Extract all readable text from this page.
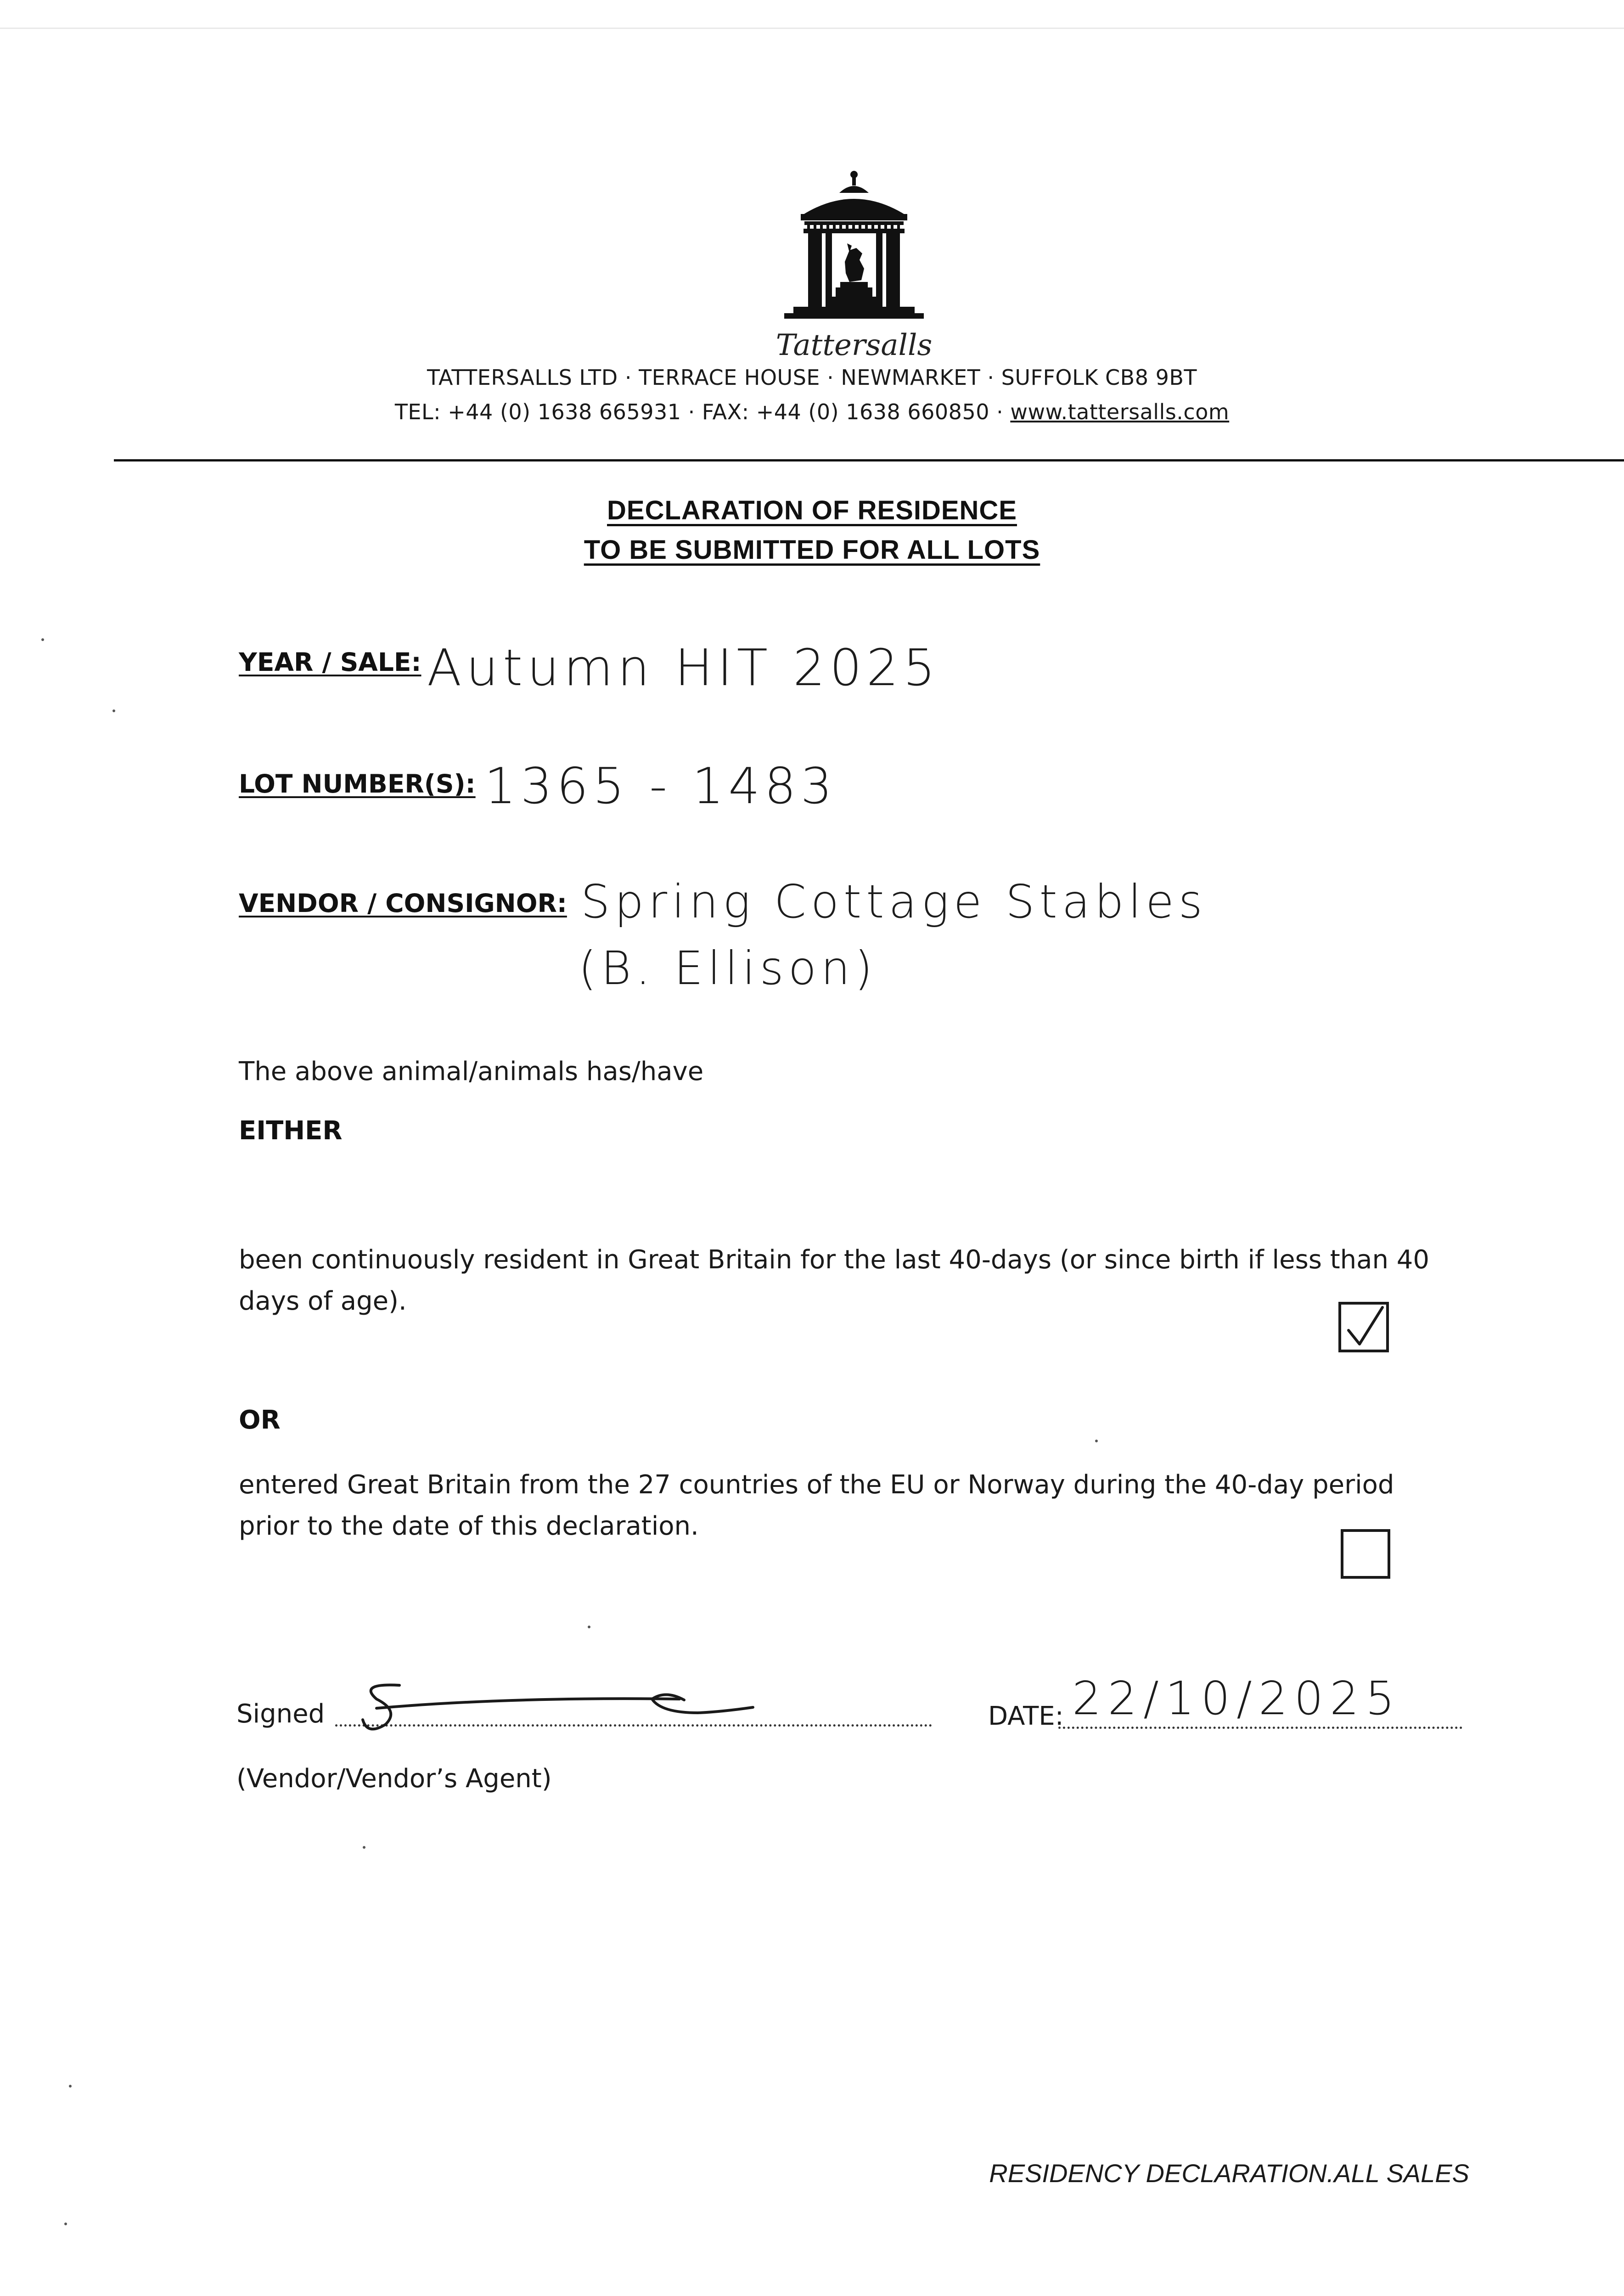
Tattersalls
TATTERSALLS LTD · TERRACE HOUSE · NEWMARKET · SUFFOLK CB8 9BT
TEL: +44 (0) 1638 665931 · FAX: +44 (0) 1638 660850 · www.tattersalls.com
DECLARATION OF RESIDENCE
TO BE SUBMITTED FOR ALL LOTS
YEAR / SALE: Autumn HIT 2025
LOT NUMBER(S): 1365 - 1483
VENDOR / CONSIGNOR: Spring Cottage Stables
(B. Ellison)
The above animal/animals has/have
EITHER
been continuously resident in Great Britain for the last 40-days (or since birth if less than 40
days of age).
OR
entered Great Britain from the 27 countries of the EU or Norway during the 40-day period
prior to the date of this declaration.
Signed	DATE: 22/10/2025
(Vendor/Vendor’s Agent)
RESIDENCY DECLARATION.ALL SALES
